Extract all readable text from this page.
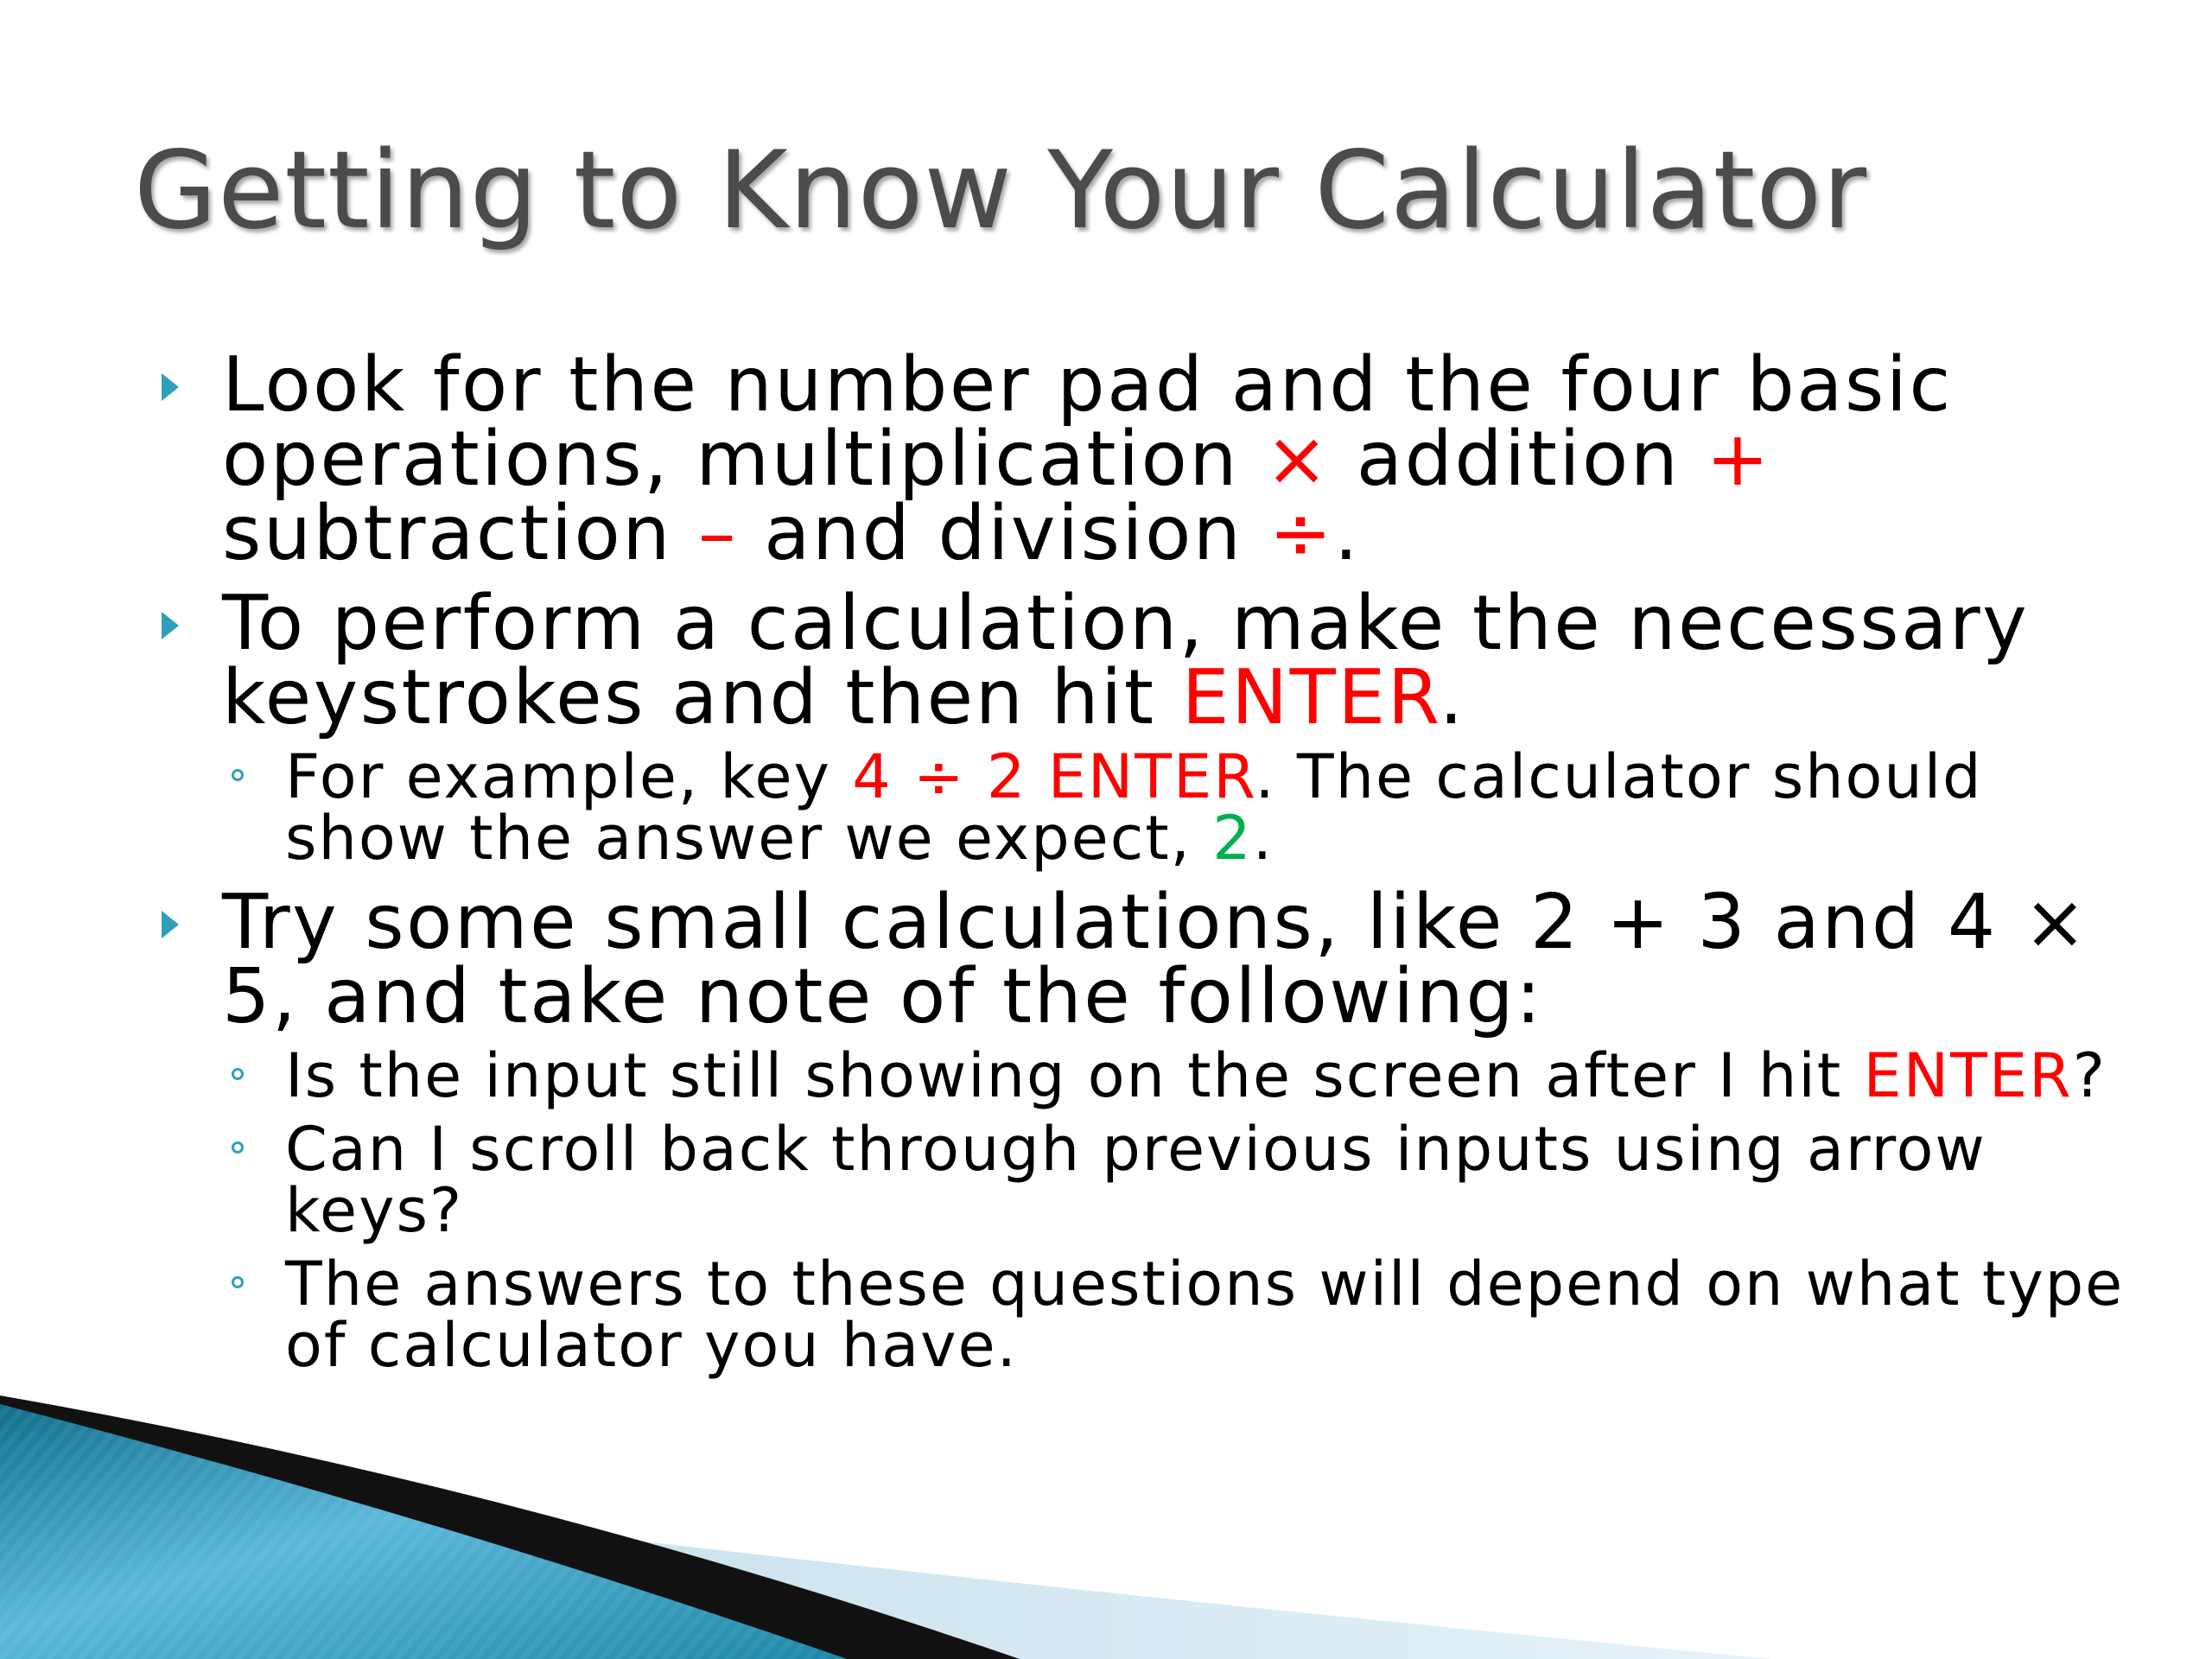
Getting to Know Your Calculator
Look for the number pad and the four basic operations, multiplication × addition + subtraction – and division ÷.
To perform a calculation, make the necessary keystrokes and then hit ENTER.
For example, key 4 ÷ 2 ENTER. The calculator should show the answer we expect, 2.
Try some small calculations, like 2 + 3 and 4 × 5, and take note of the following:
Is the input still showing on the screen after I hit ENTER?
Can I scroll back through previous inputs using arrow keys?
The answers to these questions will depend on what type of calculator you have.
